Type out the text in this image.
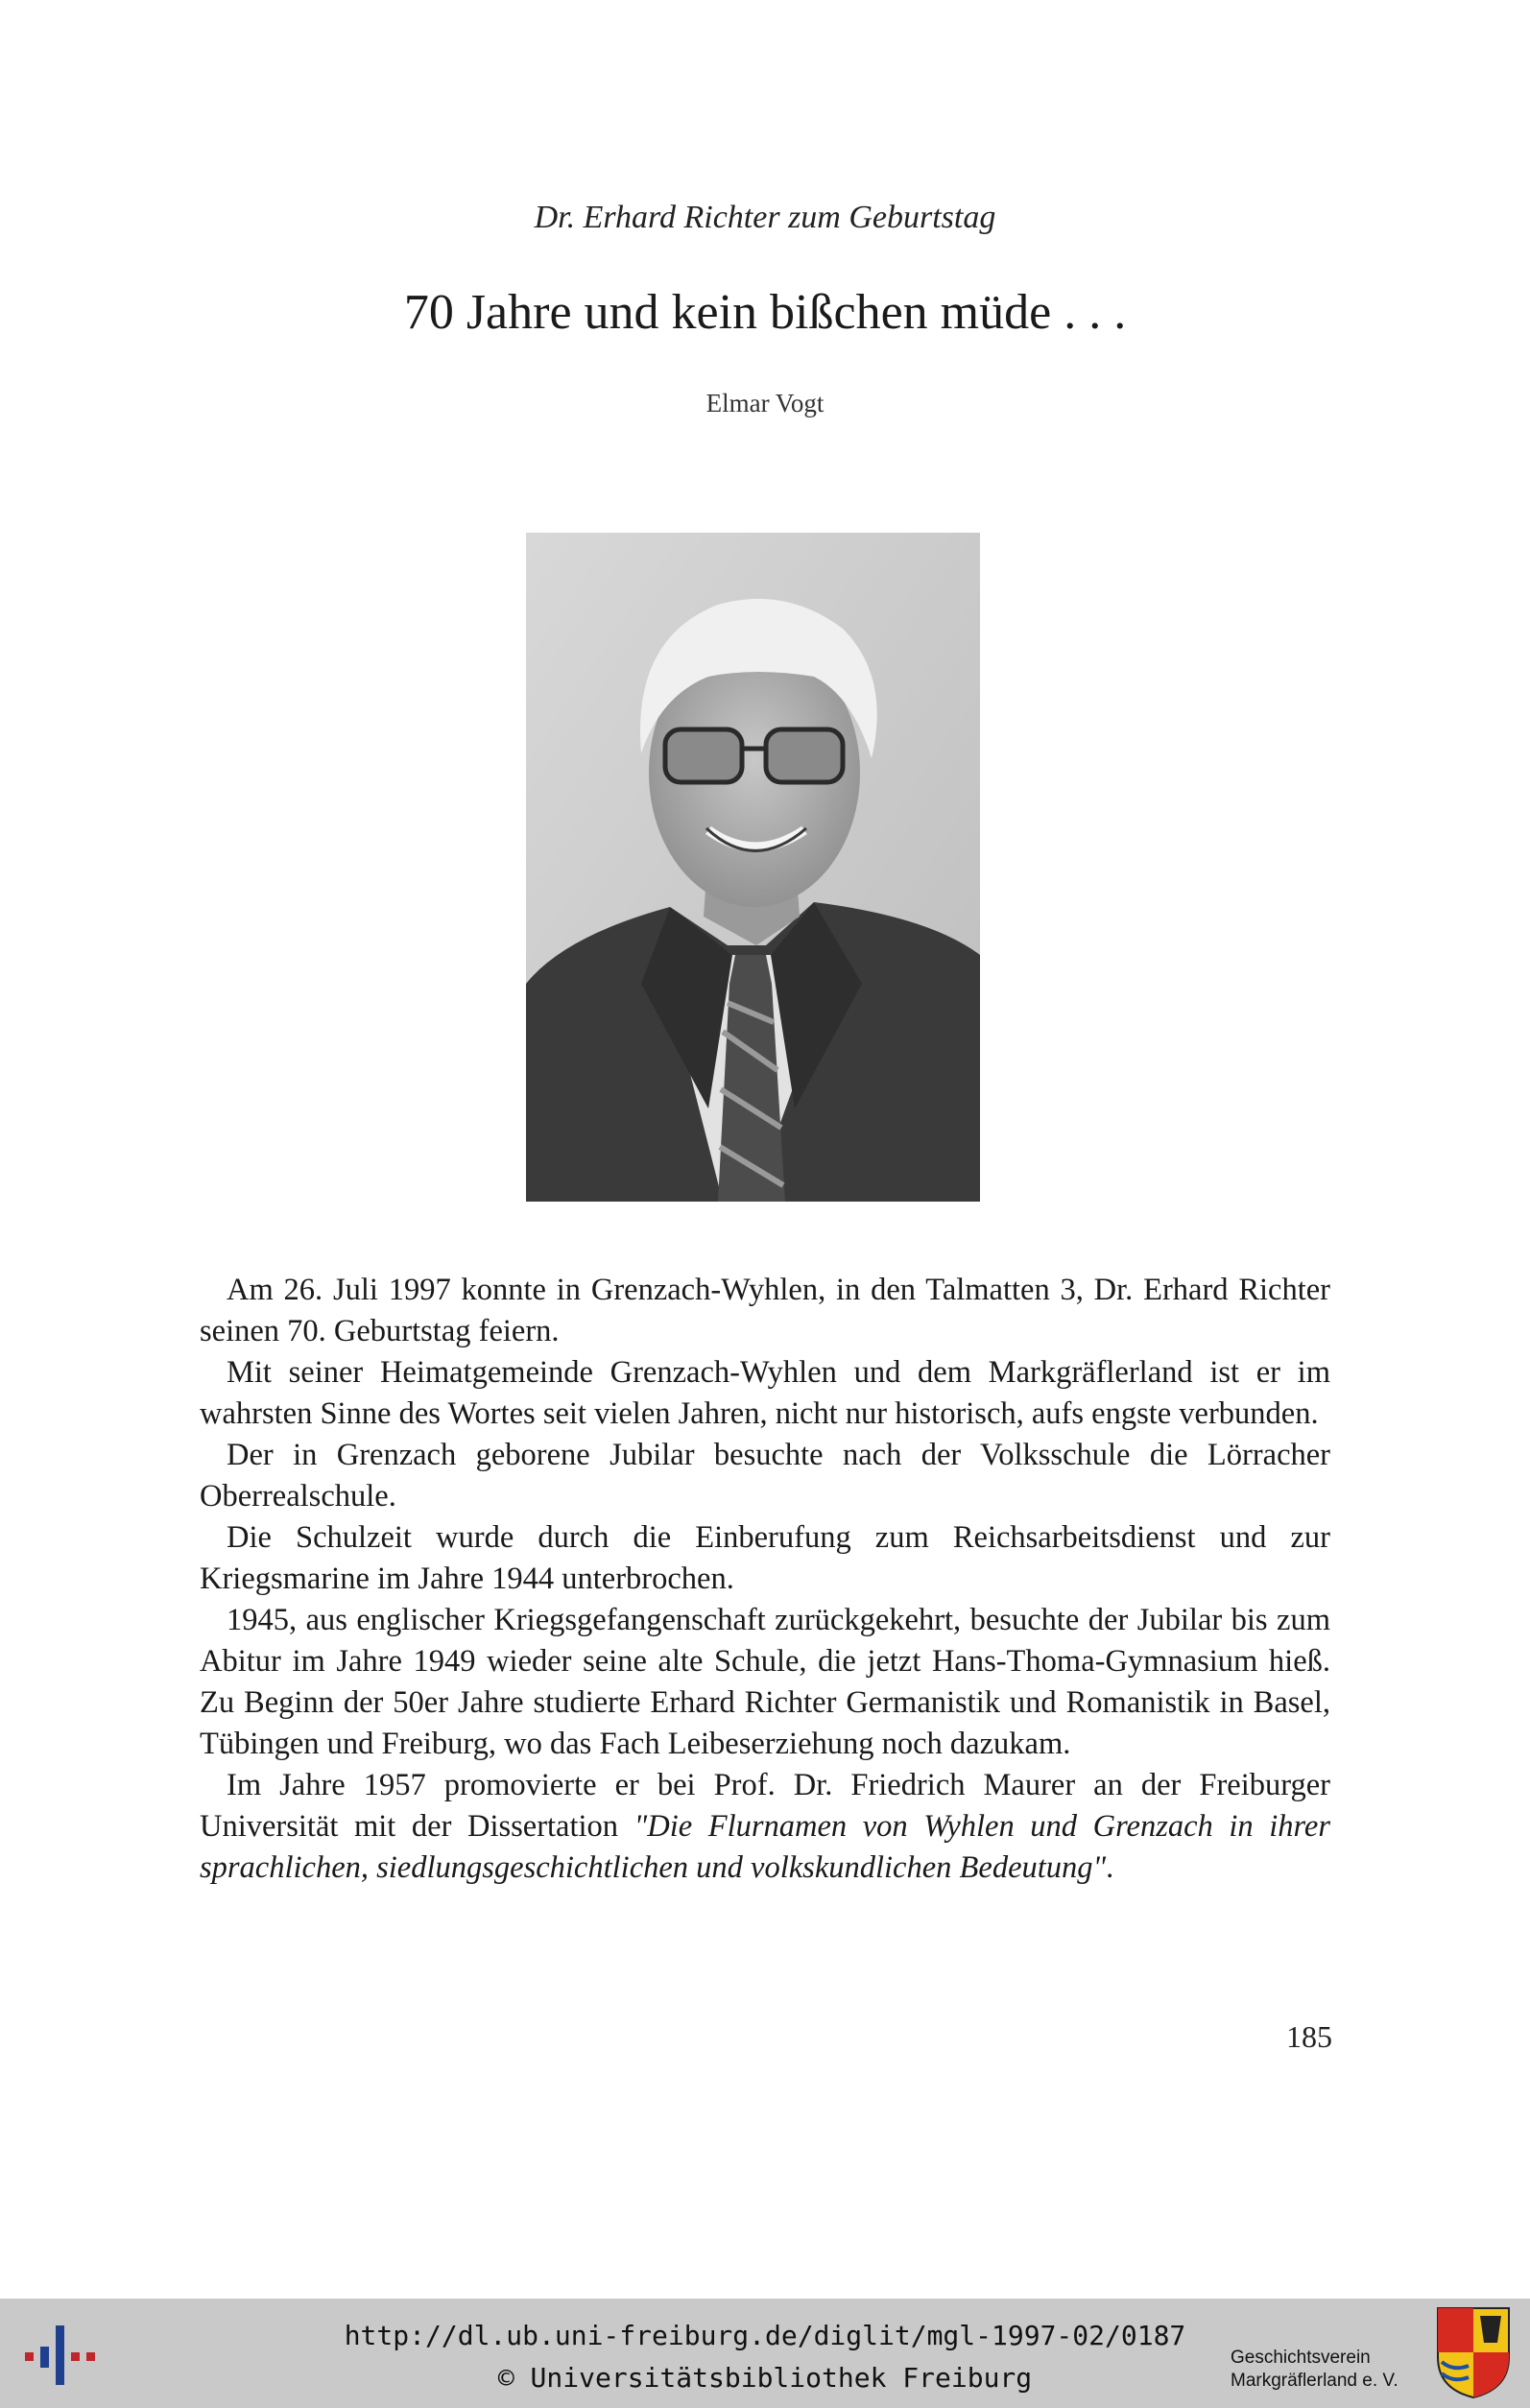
Dr. Erhard Richter zum Geburtstag
70 Jahre und kein bißchen müde . . .
Elmar Vogt

Am 26. Juli 1997 konnte in Grenzach-Wyhlen, in den Talmatten 3, Dr. Erhard Richter seinen 70. Geburtstag feiern.

Mit seiner Heimatgemeinde Grenzach-Wyhlen und dem Markgräflerland ist er im wahrsten Sinne des Wortes seit vielen Jahren, nicht nur historisch, aufs engste verbunden.

Der in Grenzach geborene Jubilar besuchte nach der Volksschule die Lörracher Oberrealschule.

Die Schulzeit wurde durch die Einberufung zum Reichsarbeitsdienst und zur Kriegsmarine im Jahre 1944 unterbrochen.

1945, aus englischer Kriegsgefangenschaft zurückgekehrt, besuchte der Jubilar bis zum Abitur im Jahre 1949 wieder seine alte Schule, die jetzt Hans-Thoma-Gymnasium hieß. Zu Beginn der 50er Jahre studierte Erhard Richter Germanistik und Romanistik in Basel, Tübingen und Freiburg, wo das Fach Leibeserziehung noch dazukam.

Im Jahre 1957 promovierte er bei Prof. Dr. Friedrich Maurer an der Freiburger Universität mit der Dissertation "Die Flurnamen von Wyhlen und Grenzach in ihrer sprachlichen, siedlungsgeschichtlichen und volkskundlichen Bedeutung".

185
http://dl.ub.uni-freiburg.de/diglit/mgl-1997-02/0187
© Universitätsbibliothek Freiburg
Geschichtsverein
Markgräflerland e. V.
